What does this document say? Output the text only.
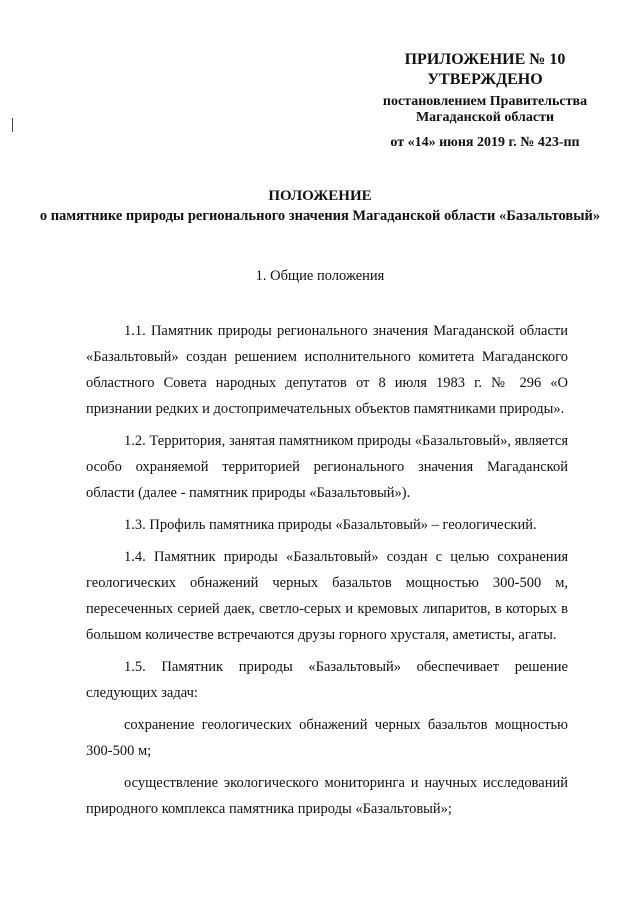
ПРИЛОЖЕНИЕ № 10
УТВЕРЖДЕНО
постановлением Правительства Магаданской области
от «14» июня 2019 г. № 423-пп
ПОЛОЖЕНИЕ
о памятнике природы регионального значения Магаданской области «Базальтовый»
1. Общие положения

1.1. Памятник природы регионального значения Магаданской области «Базальтовый» создан решением исполнительного комитета Магаданского областного Совета народных депутатов от 8 июля 1983 г. № 296 «О признании редких и достопримечательных объектов памятниками природы».

1.2. Территория, занятая памятником природы «Базальтовый», является особо охраняемой территорией регионального значения Магаданской области (далее - памятник природы «Базальтовый»).

1.3. Профиль памятника природы «Базальтовый» – геологический.

1.4. Памятник природы «Базальтовый» создан с целью сохранения геологических обнажений черных базальтов мощностью 300-500 м, пересеченных серией даек, светло-серых и кремовых липаритов, в которых в большом количестве встречаются друзы горного хрусталя, аметисты, агаты.

1.5. Памятник природы «Базальтовый» обеспечивает решение следующих задач:

сохранение геологических обнажений черных базальтов мощностью 300-500 м;

осуществление экологического мониторинга и научных исследований природного комплекса памятника природы «Базальтовый»;
